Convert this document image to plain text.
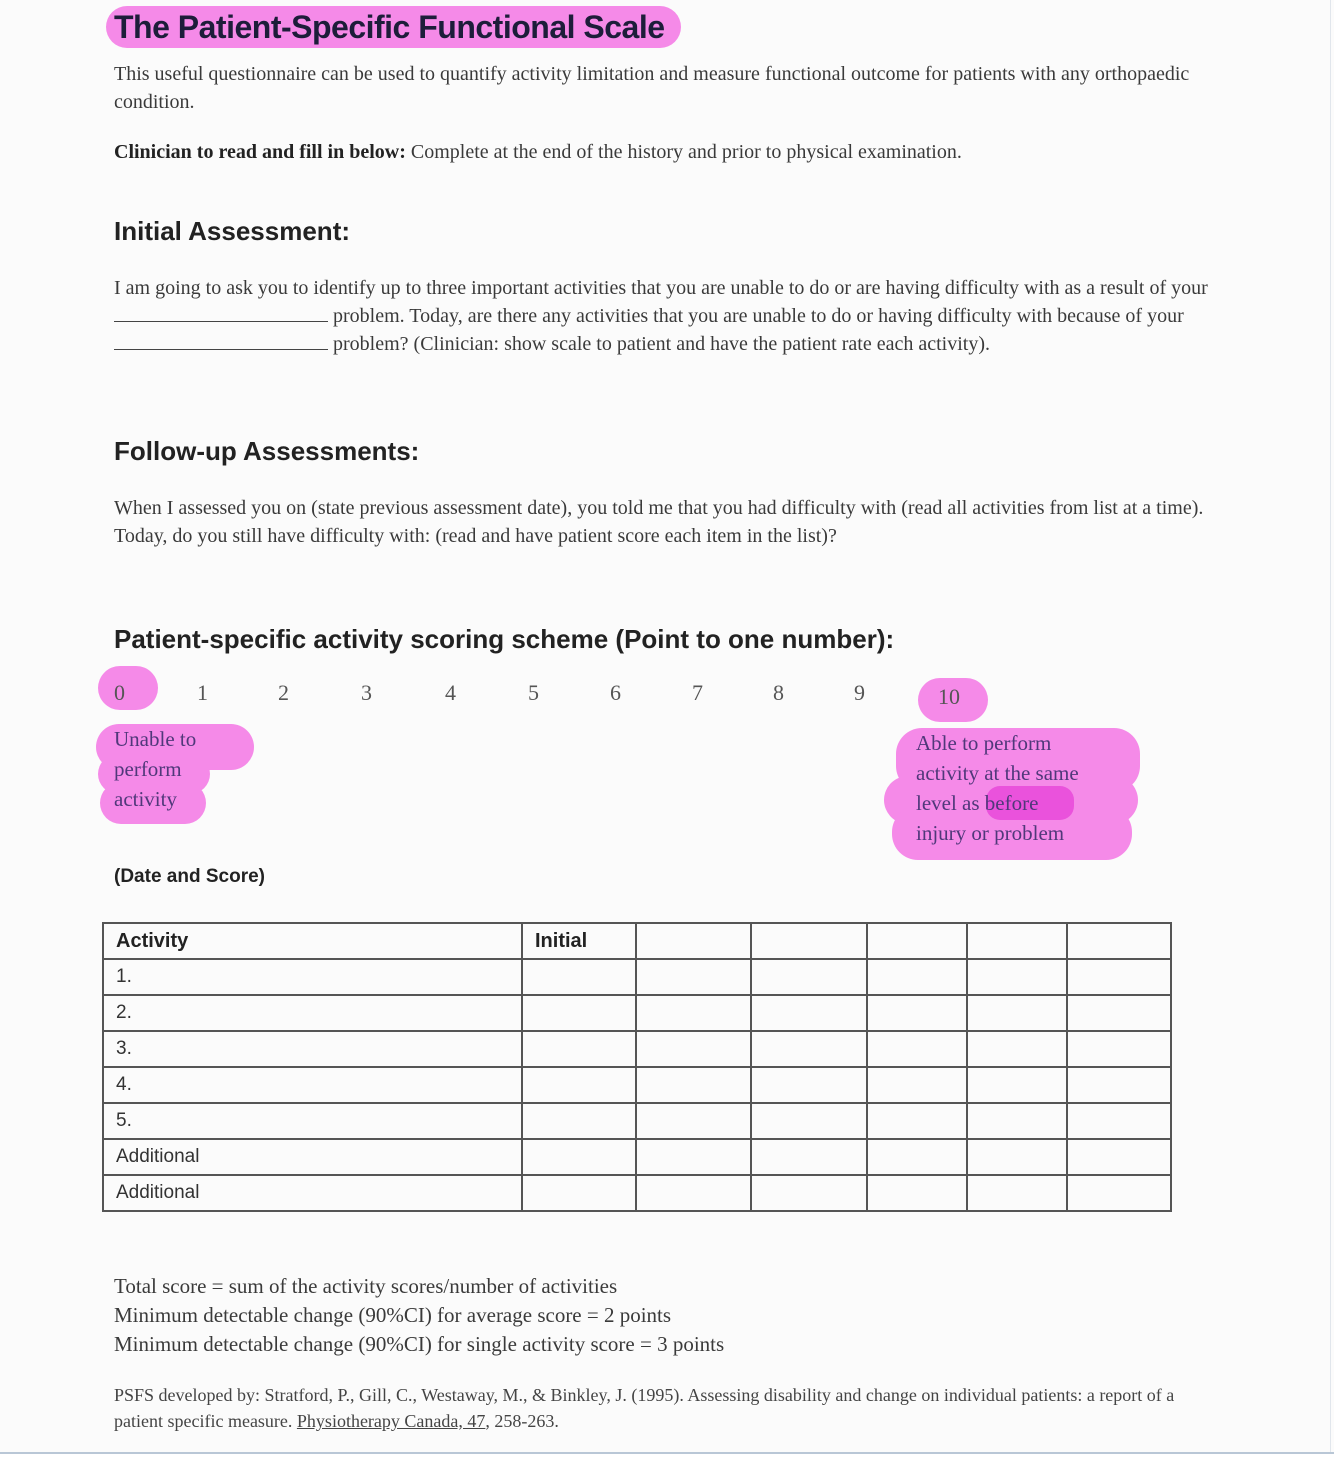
The Patient-Specific Functional Scale
This useful questionnaire can be used to quantify activity limitation and measure functional outcome for patients with any orthopaedic condition.
Clinician to read and fill in below: Complete at the end of the history and prior to physical examination.
Initial Assessment:
I am going to ask you to identify up to three important activities that you are unable to do or are having difficulty with as a result of your  problem. Today, are there any activities that you are unable to do or having difficulty with because of your  problem? (Clinician: show scale to patient and have the patient rate each activity).
Follow-up Assessments:
When I assessed you on (state previous assessment date), you told me that you had difficulty with (read all activities from list at a time). Today, do you still have difficulty with: (read and have patient score each item in the list)?
Patient-specific activity scoring scheme (Point to one number):
0	1	2	3	4	5	6	7	8	9	10
Unable to
perform
activity
Able to perform
activity at the same
level as before
injury or problem
(Date and Score)
Activity	Initial					
1.						
2.						
3.						
4.						
5.						
Additional						
Additional						
Total score = sum of the activity scores/number of activities
Minimum detectable change (90%CI) for average score = 2 points
Minimum detectable change (90%CI) for single activity score = 3 points
PSFS developed by: Stratford, P., Gill, C., Westaway, M., & Binkley, J. (1995). Assessing disability and change on individual patients: a report of a patient specific measure. Physiotherapy Canada, 47, 258-263.
